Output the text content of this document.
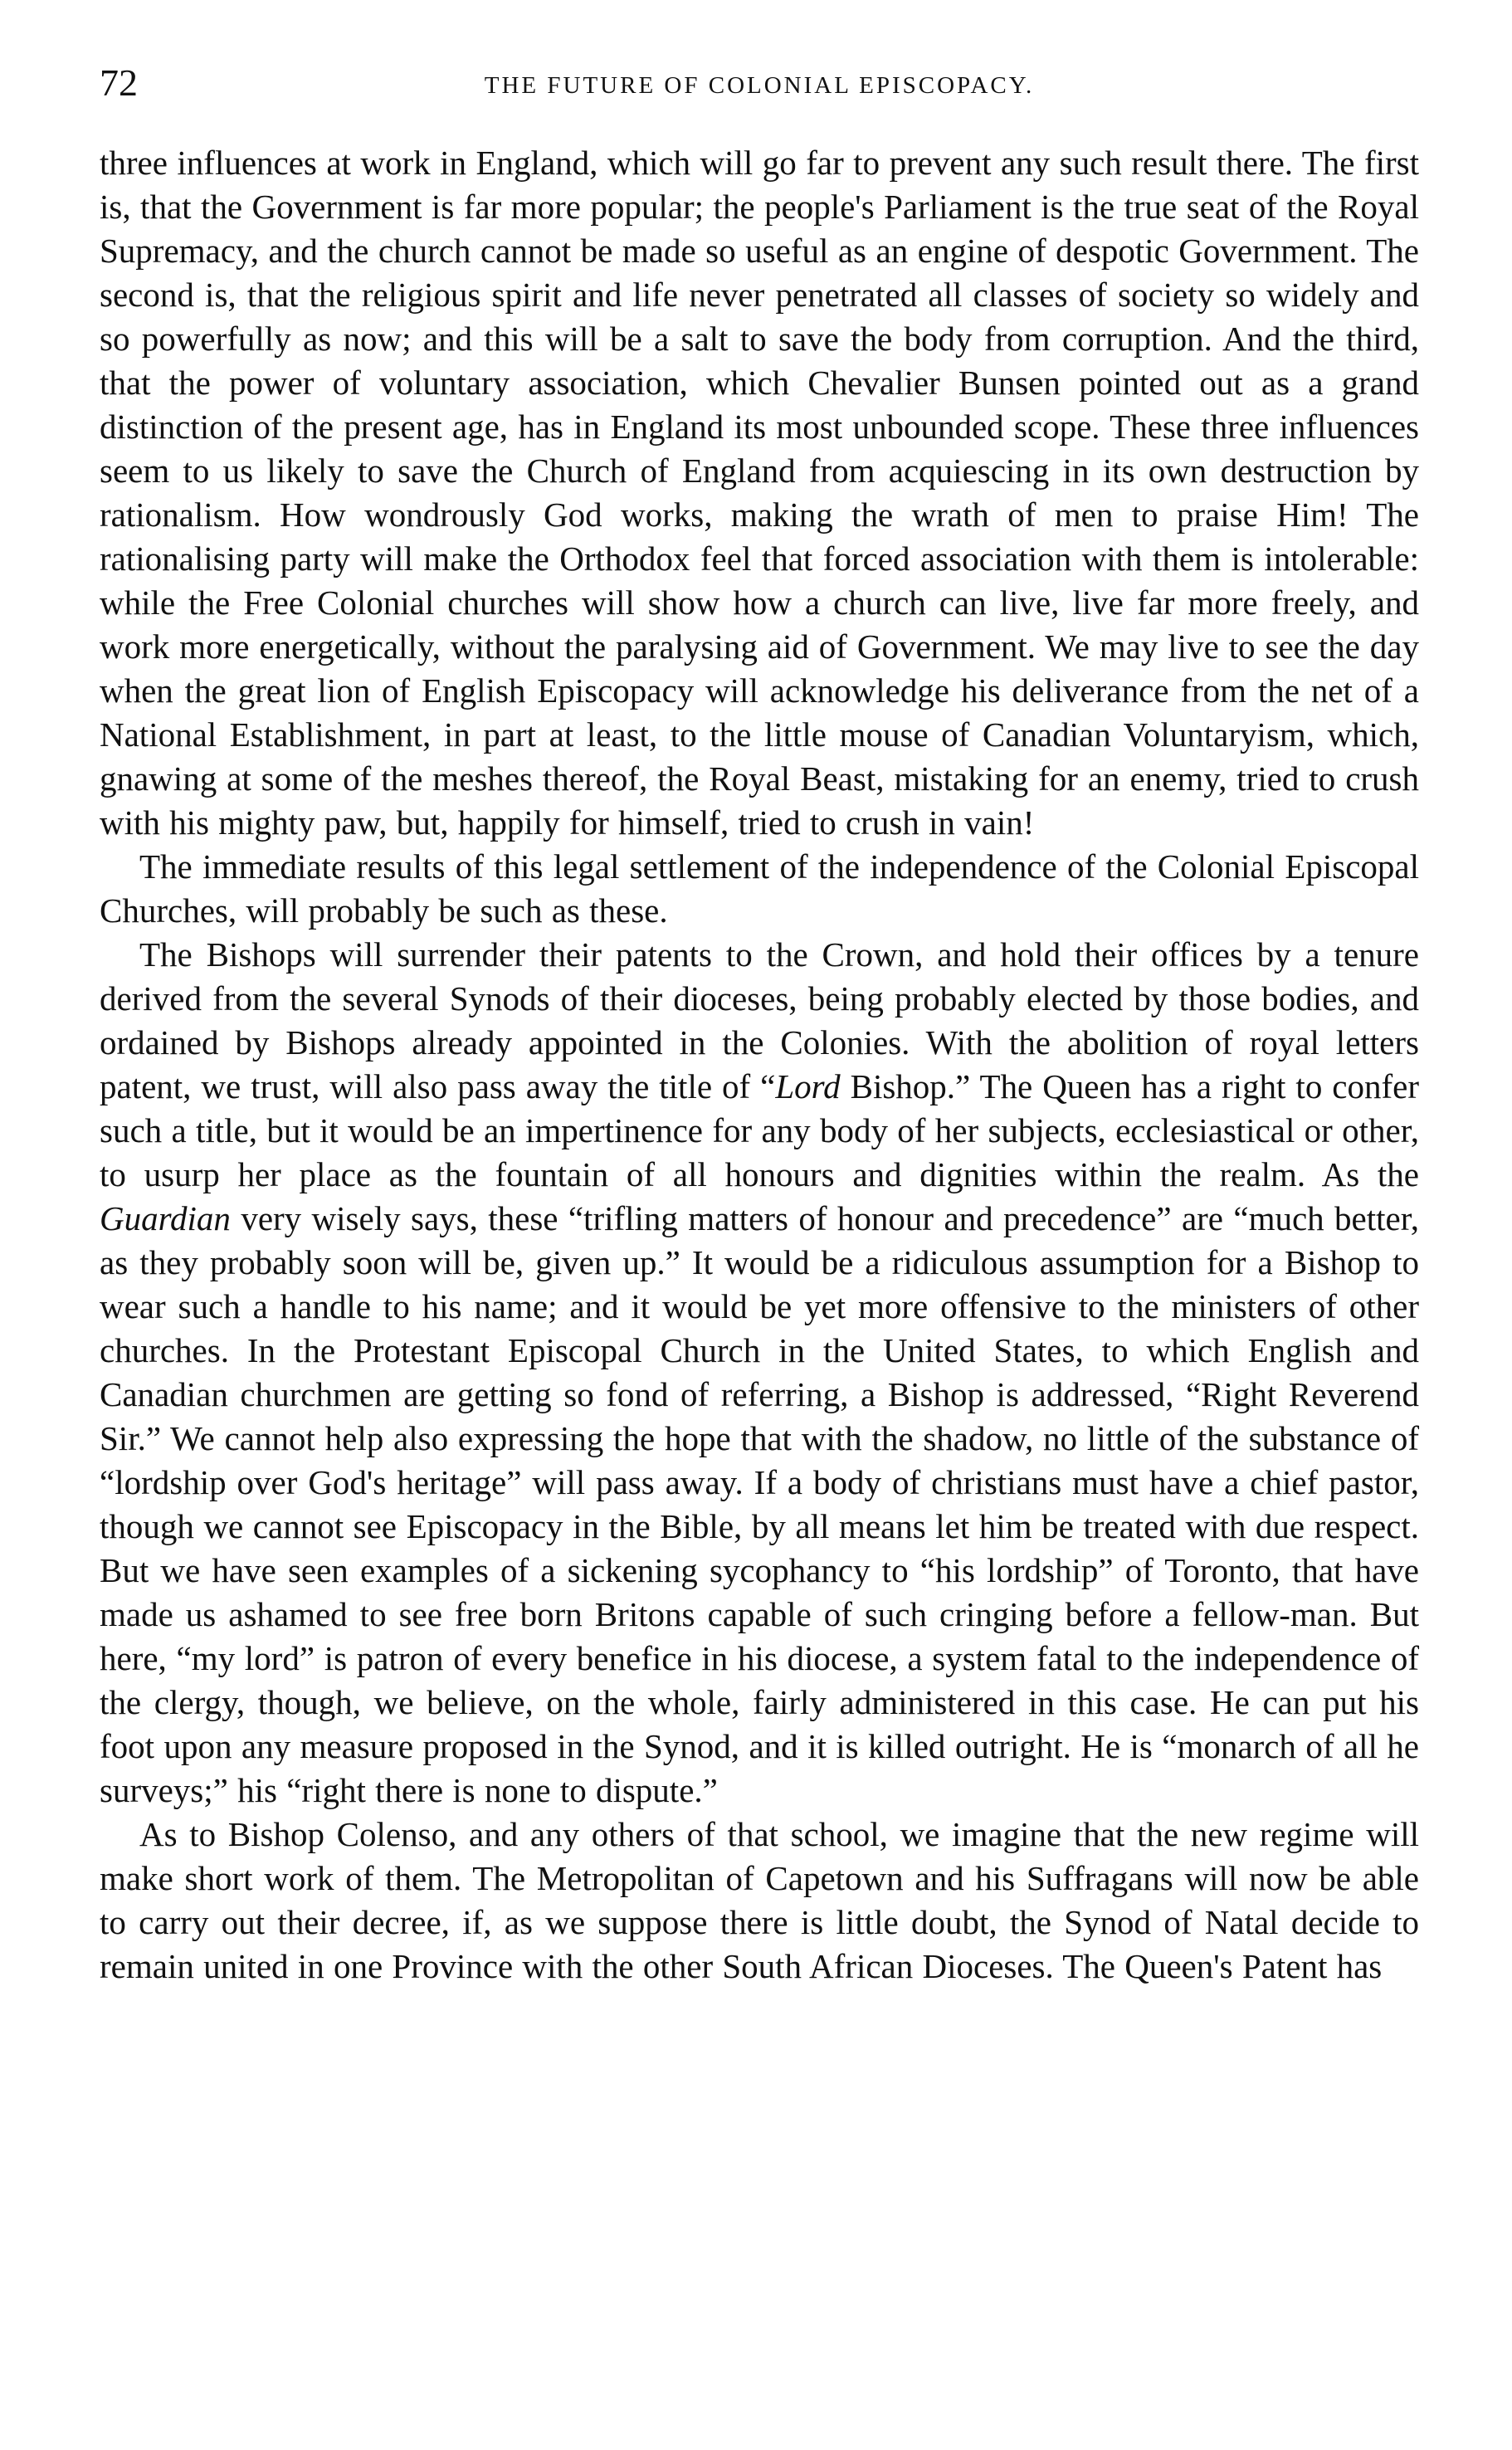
72	THE FUTURE OF COLONIAL EPISCOPACY.

three influences at work in England, which will go far to prevent any such result there. The first is, that the Government is far more popular; the people's Parliament is the true seat of the Royal Supremacy, and the church cannot be made so useful as an engine of despotic Government. The second is, that the religious spirit and life never penetrated all classes of society so widely and so powerfully as now; and this will be a salt to save the body from corruption. And the third, that the power of voluntary association, which Chevalier Bunsen pointed out as a grand distinction of the present age, has in England its most unbounded scope. These three influences seem to us likely to save the Church of England from acquiescing in its own destruction by rationalism. How wondrously God works, making the wrath of men to praise Him! The rationalising party will make the Orthodox feel that forced association with them is intolerable: while the Free Colonial churches will show how a church can live, live far more freely, and work more energetically, without the paralysing aid of Government. We may live to see the day when the great lion of English Episcopacy will acknowledge his deliverance from the net of a National Establishment, in part at least, to the little mouse of Canadian Voluntaryism, which, gnawing at some of the meshes thereof, the Royal Beast, mistaking for an enemy, tried to crush with his mighty paw, but, happily for himself, tried to crush in vain!

The immediate results of this legal settlement of the independence of the Colonial Episcopal Churches, will probably be such as these.

The Bishops will surrender their patents to the Crown, and hold their offices by a tenure derived from the several Synods of their dioceses, being probably elected by those bodies, and ordained by Bishops already appointed in the Colonies. With the abolition of royal letters patent, we trust, will also pass away the title of “Lord Bishop.” The Queen has a right to confer such a title, but it would be an impertinence for any body of her subjects, ecclesiastical or other, to usurp her place as the fountain of all honours and dignities within the realm. As the Guardian very wisely says, these “trifling matters of honour and precedence” are “much better, as they probably soon will be, given up.” It would be a ridiculous assumption for a Bishop to wear such a handle to his name; and it would be yet more offensive to the ministers of other churches. In the Protestant Episcopal Church in the United States, to which English and Canadian churchmen are getting so fond of referring, a Bishop is addressed, “Right Reverend Sir.” We cannot help also expressing the hope that with the shadow, no little of the substance of “lordship over God's heritage” will pass away. If a body of christians must have a chief pastor, though we cannot see Episcopacy in the Bible, by all means let him be treated with due respect. But we have seen examples of a sickening sycophancy to “his lordship” of Toronto, that have made us ashamed to see free born Britons capable of such cringing before a fellow-man. But here, “my lord” is patron of every benefice in his diocese, a system fatal to the independence of the clergy, though, we believe, on the whole, fairly administered in this case. He can put his foot upon any measure proposed in the Synod, and it is killed outright. He is “monarch of all he surveys;” his “right there is none to dispute.”

As to Bishop Colenso, and any others of that school, we imagine that the new regime will make short work of them. The Metropolitan of Capetown and his Suffragans will now be able to carry out their decree, if, as we suppose there is little doubt, the Synod of Natal decide to remain united in one Province with the other South African Dioceses. The Queen's Patent has
